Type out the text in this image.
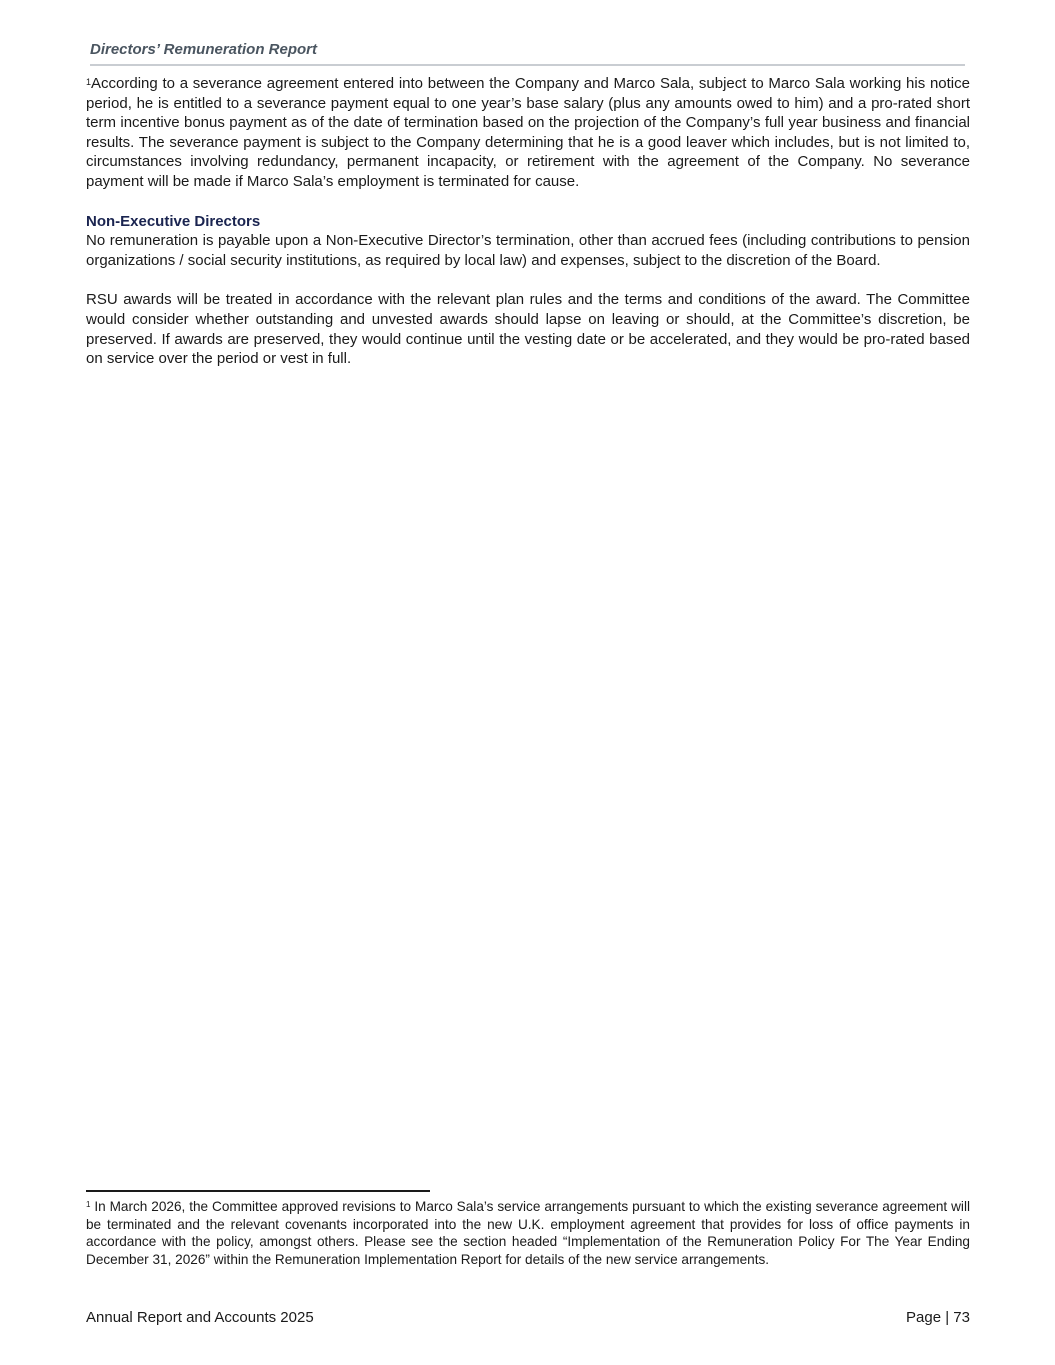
Directors’ Remuneration Report

$^1$According to a severance agreement entered into between the Company and Marco Sala, subject to Marco Sala working his notice period, he is entitled to a severance payment equal to one year’s base salary (plus any amounts owed to him) and a pro-rated short term incentive bonus payment as of the date of termination based on the projection of the Company’s full year business and financial results. The severance payment is subject to the Company determining that he is a good leaver which includes, but is not limited to, circumstances involving redundancy, permanent incapacity, or retirement with the agreement of the Company. No severance payment will be made if Marco Sala’s employment is terminated for cause.

Non-Executive Directors

No remuneration is payable upon a Non-Executive Director’s termination, other than accrued fees (including contributions to pension organizations / social security institutions, as required by local law) and expenses, subject to the discretion of the Board.

RSU awards will be treated in accordance with the relevant plan rules and the terms and conditions of the award. The Committee would consider whether outstanding and unvested awards should lapse on leaving or should, at the Committee’s discretion, be preserved. If awards are preserved, they would continue until the vesting date or be accelerated, and they would be pro-rated based on service over the period or vest in full.

$^1$ In March 2026, the Committee approved revisions to Marco Sala’s service arrangements pursuant to which the existing severance agreement will be terminated and the relevant covenants incorporated into the new U.K. employment agreement that provides for loss of office payments in accordance with the policy, amongst others. Please see the section headed “Implementation of the Remuneration Policy For The Year Ending December 31, 2026” within the Remuneration Implementation Report for details of the new service arrangements.

Annual Report and Accounts 2025	Page | 73
